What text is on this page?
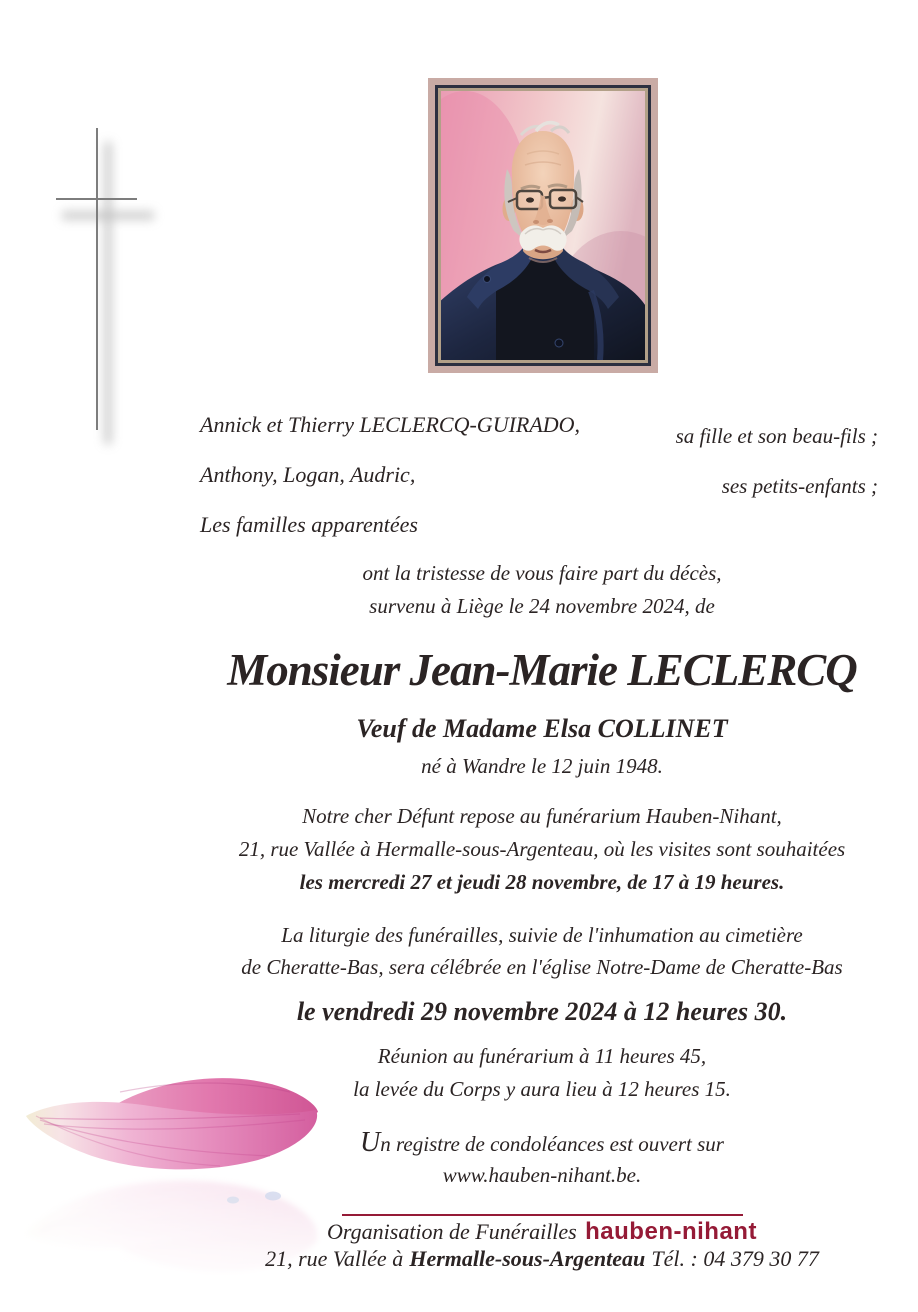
Annick et Thierry LECLERCQ-GUIRADO,	sa fille et son beau-fils ;
Anthony, Logan, Audric,	ses petits-enfants ;
Les familles apparentées
ont la tristesse de vous faire part du décès,
survenu à Liège le 24 novembre 2024, de
Monsieur Jean-Marie LECLERCQ
Veuf de Madame Elsa COLLINET
né à Wandre le 12 juin 1948.
Notre cher Défunt repose au funérarium Hauben-Nihant,
21, rue Vallée à Hermalle-sous-Argenteau, où les visites sont souhaitées
les mercredi 27 et jeudi 28 novembre, de 17 à 19 heures.
La liturgie des funérailles, suivie de l'inhumation au cimetière
de Cheratte-Bas, sera célébrée en l'église Notre-Dame de Cheratte-Bas
le vendredi 29 novembre 2024 à 12 heures 30.
Réunion au funérarium à 11 heures 45,
la levée du Corps y aura lieu à 12 heures 15.
Un registre de condoléances est ouvert sur
www.hauben-nihant.be.
Organisation de Funérailles hauben-nihant
21, rue Vallée à Hermalle-sous-Argenteau Tél. : 04 379 30 77
